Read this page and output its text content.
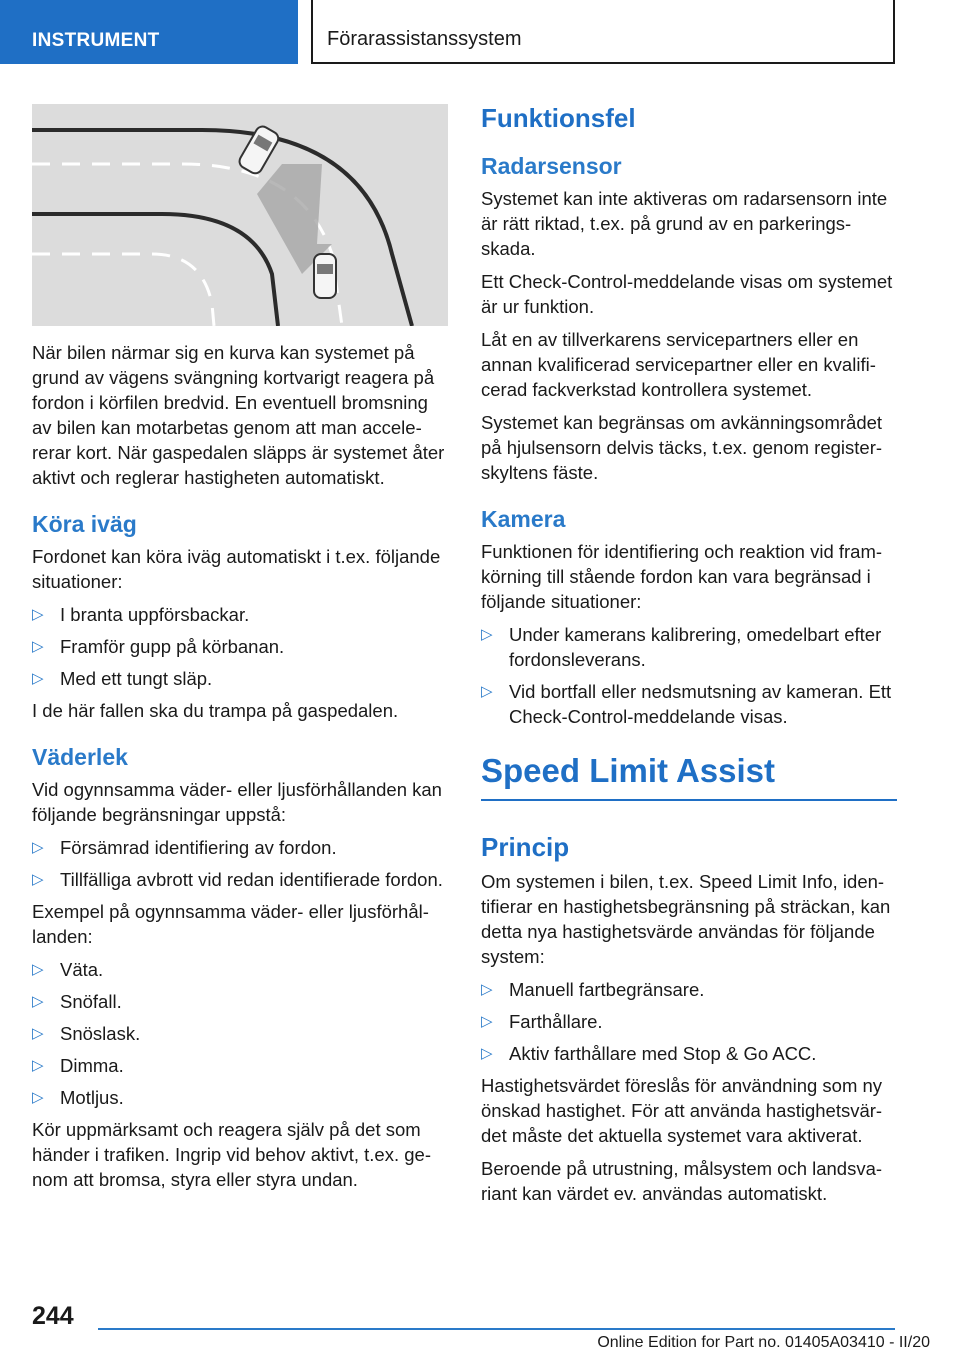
INSTRUMENT	Förarassistanssystem

När bilen närmar sig en kurva kan systemet på grund av vägens svängning kortvarigt reagera på fordon i körfilen bredvid. En eventuell bromsning av bilen kan motarbetas genom att man accelererar kort. När gaspedalen släpps är systemet åter aktivt och reglerar hastigheten automatiskt.

Köra iväg

Fordonet kan köra iväg automatiskt i t.ex. följande situationer:

▷ I branta uppförsbackar.
▷ Framför gupp på körbanan.
▷ Med ett tungt släp.

I de här fallen ska du trampa på gaspedalen.

Väderlek

Vid ogynnsamma väder- eller ljusförhållanden kan följande begränsningar uppstå:

▷ Försämrad identifiering av fordon.
▷ Tillfälliga avbrott vid redan identifierade fordon.

Exempel på ogynnsamma väder- eller ljusförhållanden:

▷ Väta.
▷ Snöfall.
▷ Snöslask.
▷ Dimma.
▷ Motljus.

Kör uppmärksamt och reagera själv på det som händer i trafiken. Ingrip vid behov aktivt, t.ex. genom att bromsa, styra eller styra undan.

Funktionsfel
Radarsensor

Systemet kan inte aktiveras om radarsensorn inte är rätt riktad, t.ex. på grund av en parkeringsskada.

Ett Check-Control-meddelande visas om systemet är ur funktion.

Låt en av tillverkarens servicepartners eller en annan kvalificerad servicepartner eller en kvalificerad fackverkstad kontrollera systemet.

Systemet kan begränsas om avkänningsområdet på hjulsensorn delvis täcks, t.ex. genom registerskyltens fäste.

Kamera

Funktionen för identifiering och reaktion vid framkörning till stående fordon kan vara begränsad i följande situationer:

▷ Under kamerans kalibrering, omedelbart efter fordonsleverans.
▷ Vid bortfall eller nedsmutsning av kameran. Ett Check-Control-meddelande visas.
Speed Limit Assist
Princip

Om systemen i bilen, t.ex. Speed Limit Info, identifierar en hastighetsbegränsning på sträckan, kan detta nya hastighetsvärde användas för följande system:

▷ Manuell fartbegränsare.
▷ Farthållare.
▷ Aktiv farthållare med Stop & Go ACC.

Hastighetsvärdet föreslås för användning som ny önskad hastighet. För att använda hastighetsvärdet måste det aktuella systemet vara aktiverat.

Beroende på utrustning, målsystem och landsvariant kan värdet ev. användas automatiskt.

244
Online Edition for Part no. 01405A03410 - II/20
